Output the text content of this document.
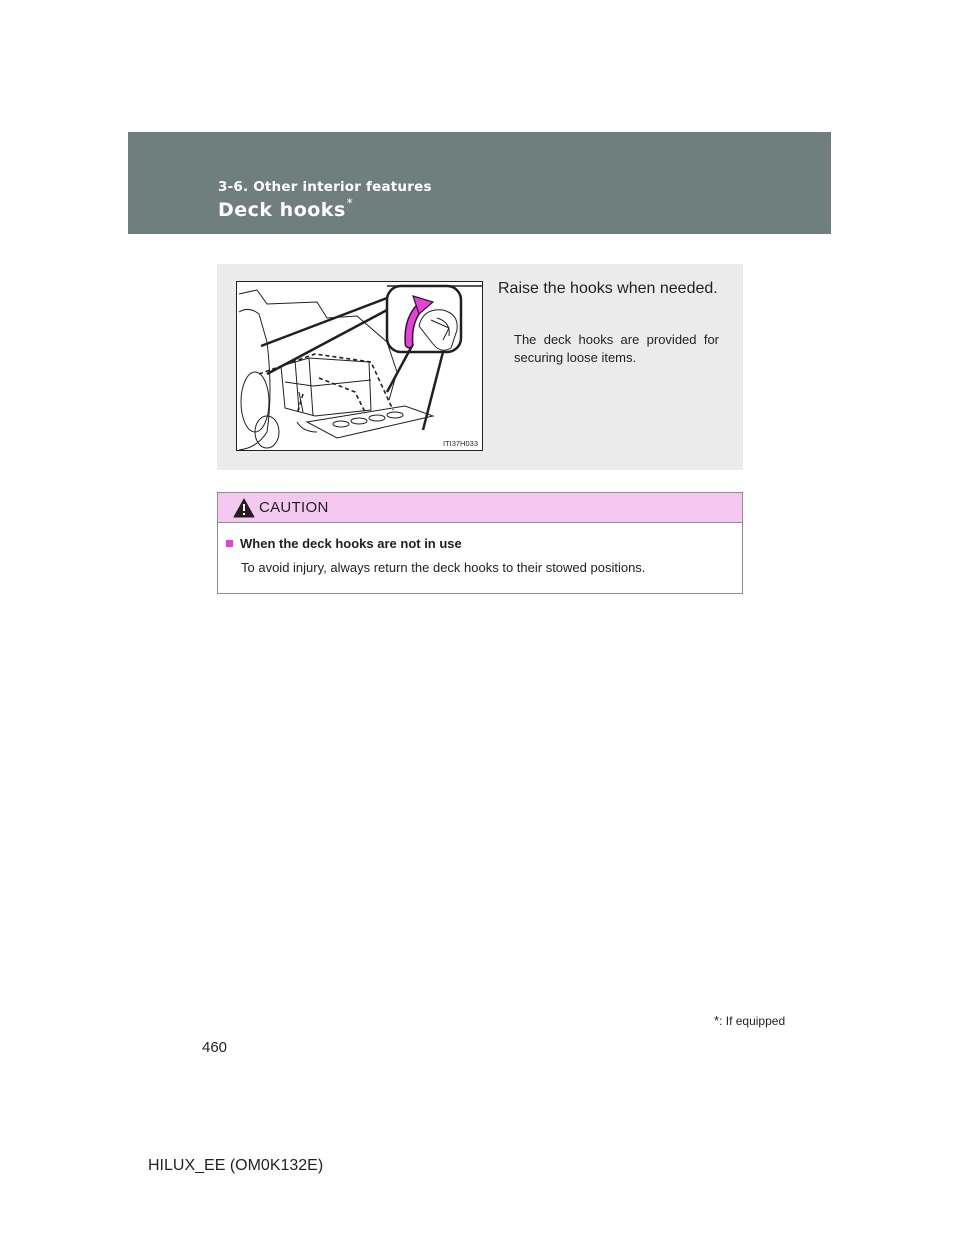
3-6. Other interior features

Deck hooks*
ITI37H033

Raise the hooks when needed.

The deck hooks are provided for securing loose items.

CAUTION
When the deck hooks are not in use

To avoid injury, always return the deck hooks to their stowed positions.

*: If equipped
460
HILUX_EE (OM0K132E)
